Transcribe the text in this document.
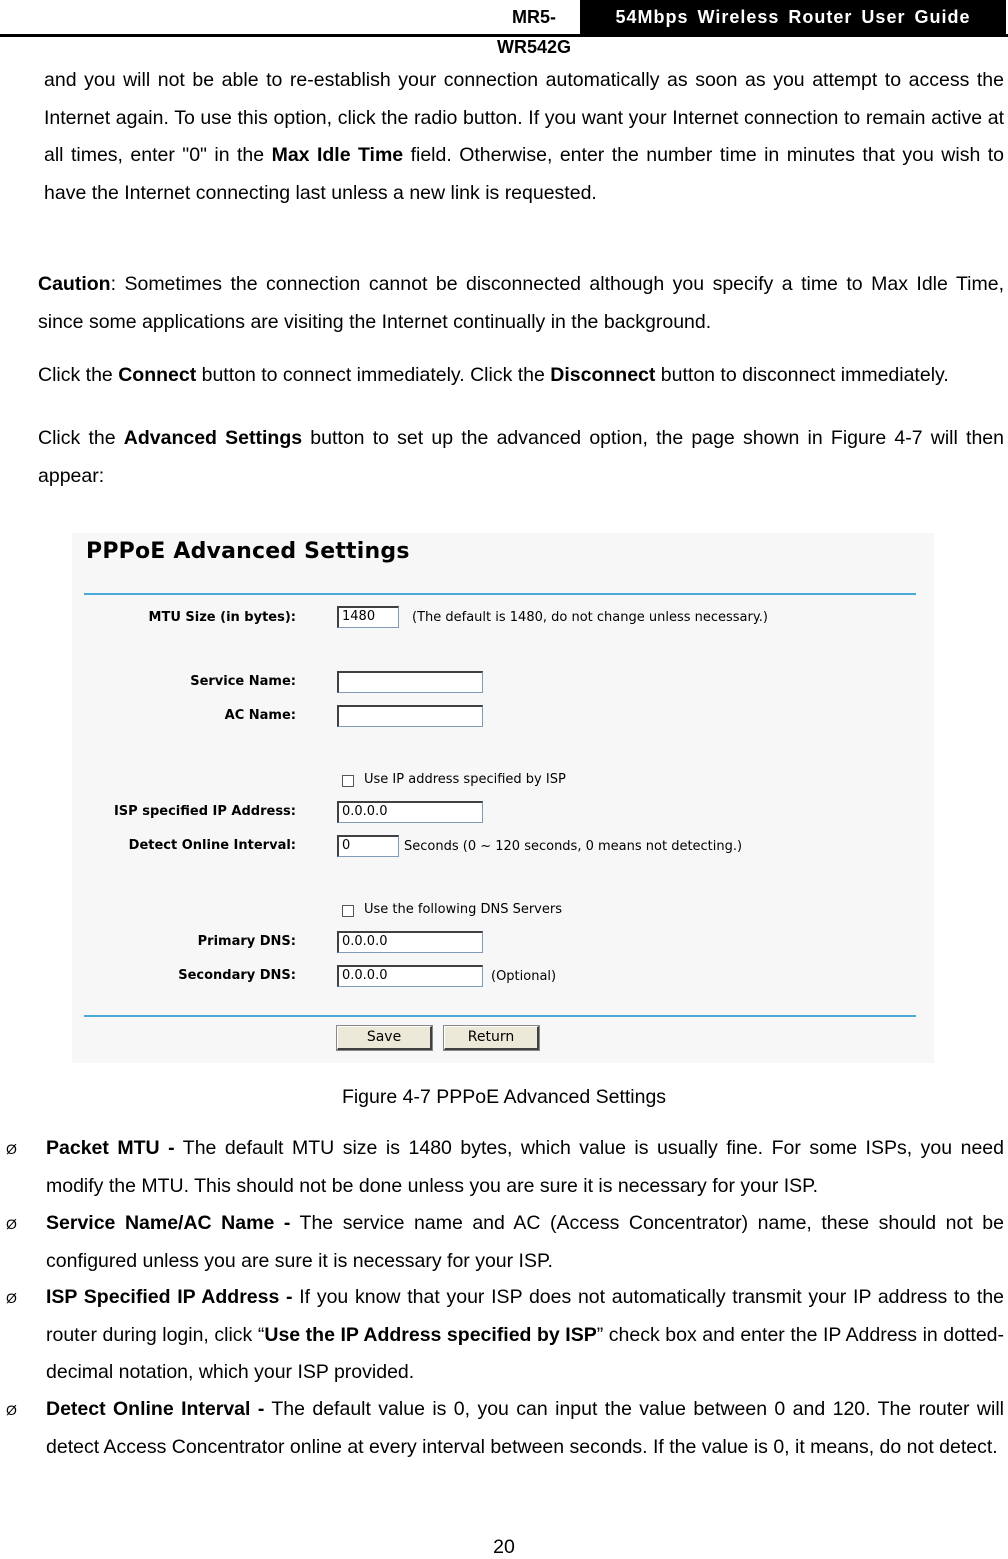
MR5-WR542G
54Mbps Wireless Router User Guide
and you will not be able to re-establish your connection automatically as soon as you attempt to access the Internet again. To use this option, click the radio button. If you want your Internet connection to remain active at all times, enter "0" in the Max Idle Time field. Otherwise, enter the number time in minutes that you wish to have the Internet connecting last unless a new link is requested.
Caution: Sometimes the connection cannot be disconnected although you specify a time to Max Idle Time, since some applications are visiting the Internet continually in the background.
Click the Connect button to connect immediately. Click the Disconnect button to disconnect immediately.
Click the Advanced Settings button to set up the advanced option, the page shown in Figure 4-7 will then appear:
PPPoE Advanced Settings
MTU Size (in bytes):	1480	(The default is 1480, do not change unless necessary.)
Service Name:
AC Name:
Use IP address specified by ISP
ISP specified IP Address:	0.0.0.0
Detect Online Interval:	0	Seconds (0 ~ 120 seconds, 0 means not detecting.)
Use the following DNS Servers
Primary DNS:	0.0.0.0
Secondary DNS:	0.0.0.0	(Optional)
Save	Return
Figure 4-7 PPPoE Advanced Settings
Ø Packet MTU - The default MTU size is 1480 bytes, which value is usually fine. For some ISPs, you need modify the MTU. This should not be done unless you are sure it is necessary for your ISP.
Ø Service Name/AC Name - The service name and AC (Access Concentrator) name, these should not be configured unless you are sure it is necessary for your ISP.
Ø ISP Specified IP Address - If you know that your ISP does not automatically transmit your IP address to the router during login, click “Use the IP Address specified by ISP” check box and enter the IP Address in dotted-decimal notation, which your ISP provided.
Ø Detect Online Interval - The default value is 0, you can input the value between 0 and 120. The router will detect Access Concentrator online at every interval between seconds. If the value is 0, it means, do not detect.
20
